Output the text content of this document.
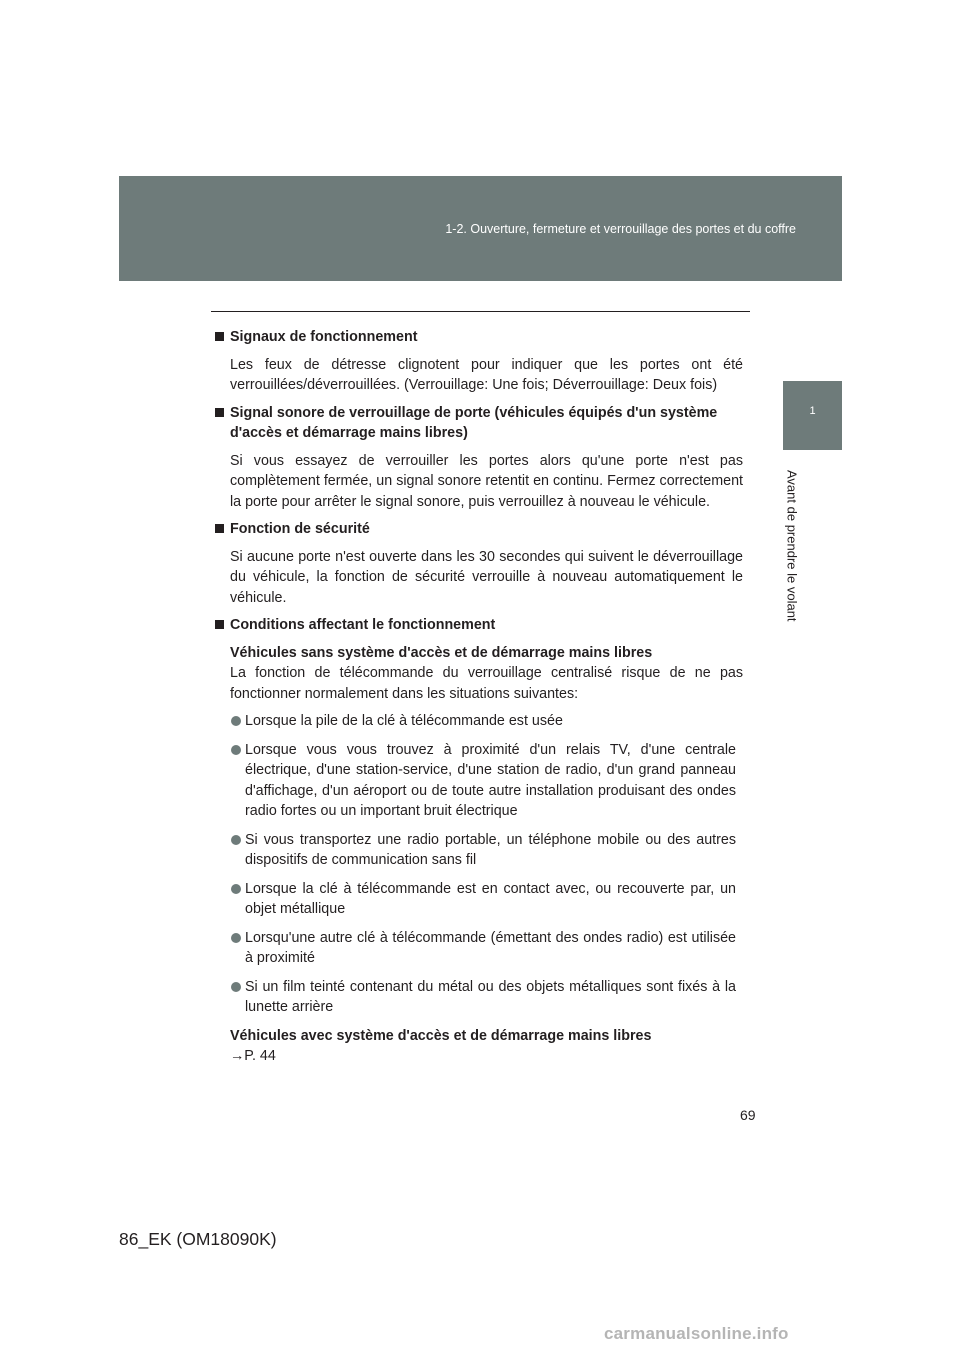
1-2. Ouverture, fermeture et verrouillage des portes et du coffre
1
Avant de prendre le volant
Signaux de fonctionnement

Les feux de détresse clignotent pour indiquer que les portes ont été verrouillées/déverrouillées. (Verrouillage: Une fois; Déverrouillage: Deux fois)

Signal sonore de verrouillage de porte (véhicules équipés d'un système d'accès et démarrage mains libres)

Si vous essayez de verrouiller les portes alors qu'une porte n'est pas complètement fermée, un signal sonore retentit en continu. Fermez correctement la porte pour arrêter le signal sonore, puis verrouillez à nouveau le véhicule.

Fonction de sécurité

Si aucune porte n'est ouverte dans les 30 secondes qui suivent le déverrouillage du véhicule, la fonction de sécurité verrouille à nouveau automatiquement le véhicule.

Conditions affectant le fonctionnement
Véhicules sans système d'accès et de démarrage mains libres

La fonction de télécommande du verrouillage centralisé risque de ne pas fonctionner normalement dans les situations suivantes:

Lorsque la pile de la clé à télécommande est usée
Lorsque vous vous trouvez à proximité d'un relais TV, d'une centrale électrique, d'une station-service, d'une station de radio, d'un grand panneau d'affichage, d'un aéroport ou de toute autre installation produisant des ondes radio fortes ou un important bruit électrique
Si vous transportez une radio portable, un téléphone mobile ou des autres dispositifs de communication sans fil
Lorsque la clé à télécommande est en contact avec, ou recouverte par, un objet métallique
Lorsqu'une autre clé à télécommande (émettant des ondes radio) est utilisée à proximité
Si un film teinté contenant du métal ou des objets métalliques sont fixés à la lunette arrière
Véhicules avec système d'accès et de démarrage mains libres
→P. 44
69
86_EK (OM18090K)
carmanualsonline.info
